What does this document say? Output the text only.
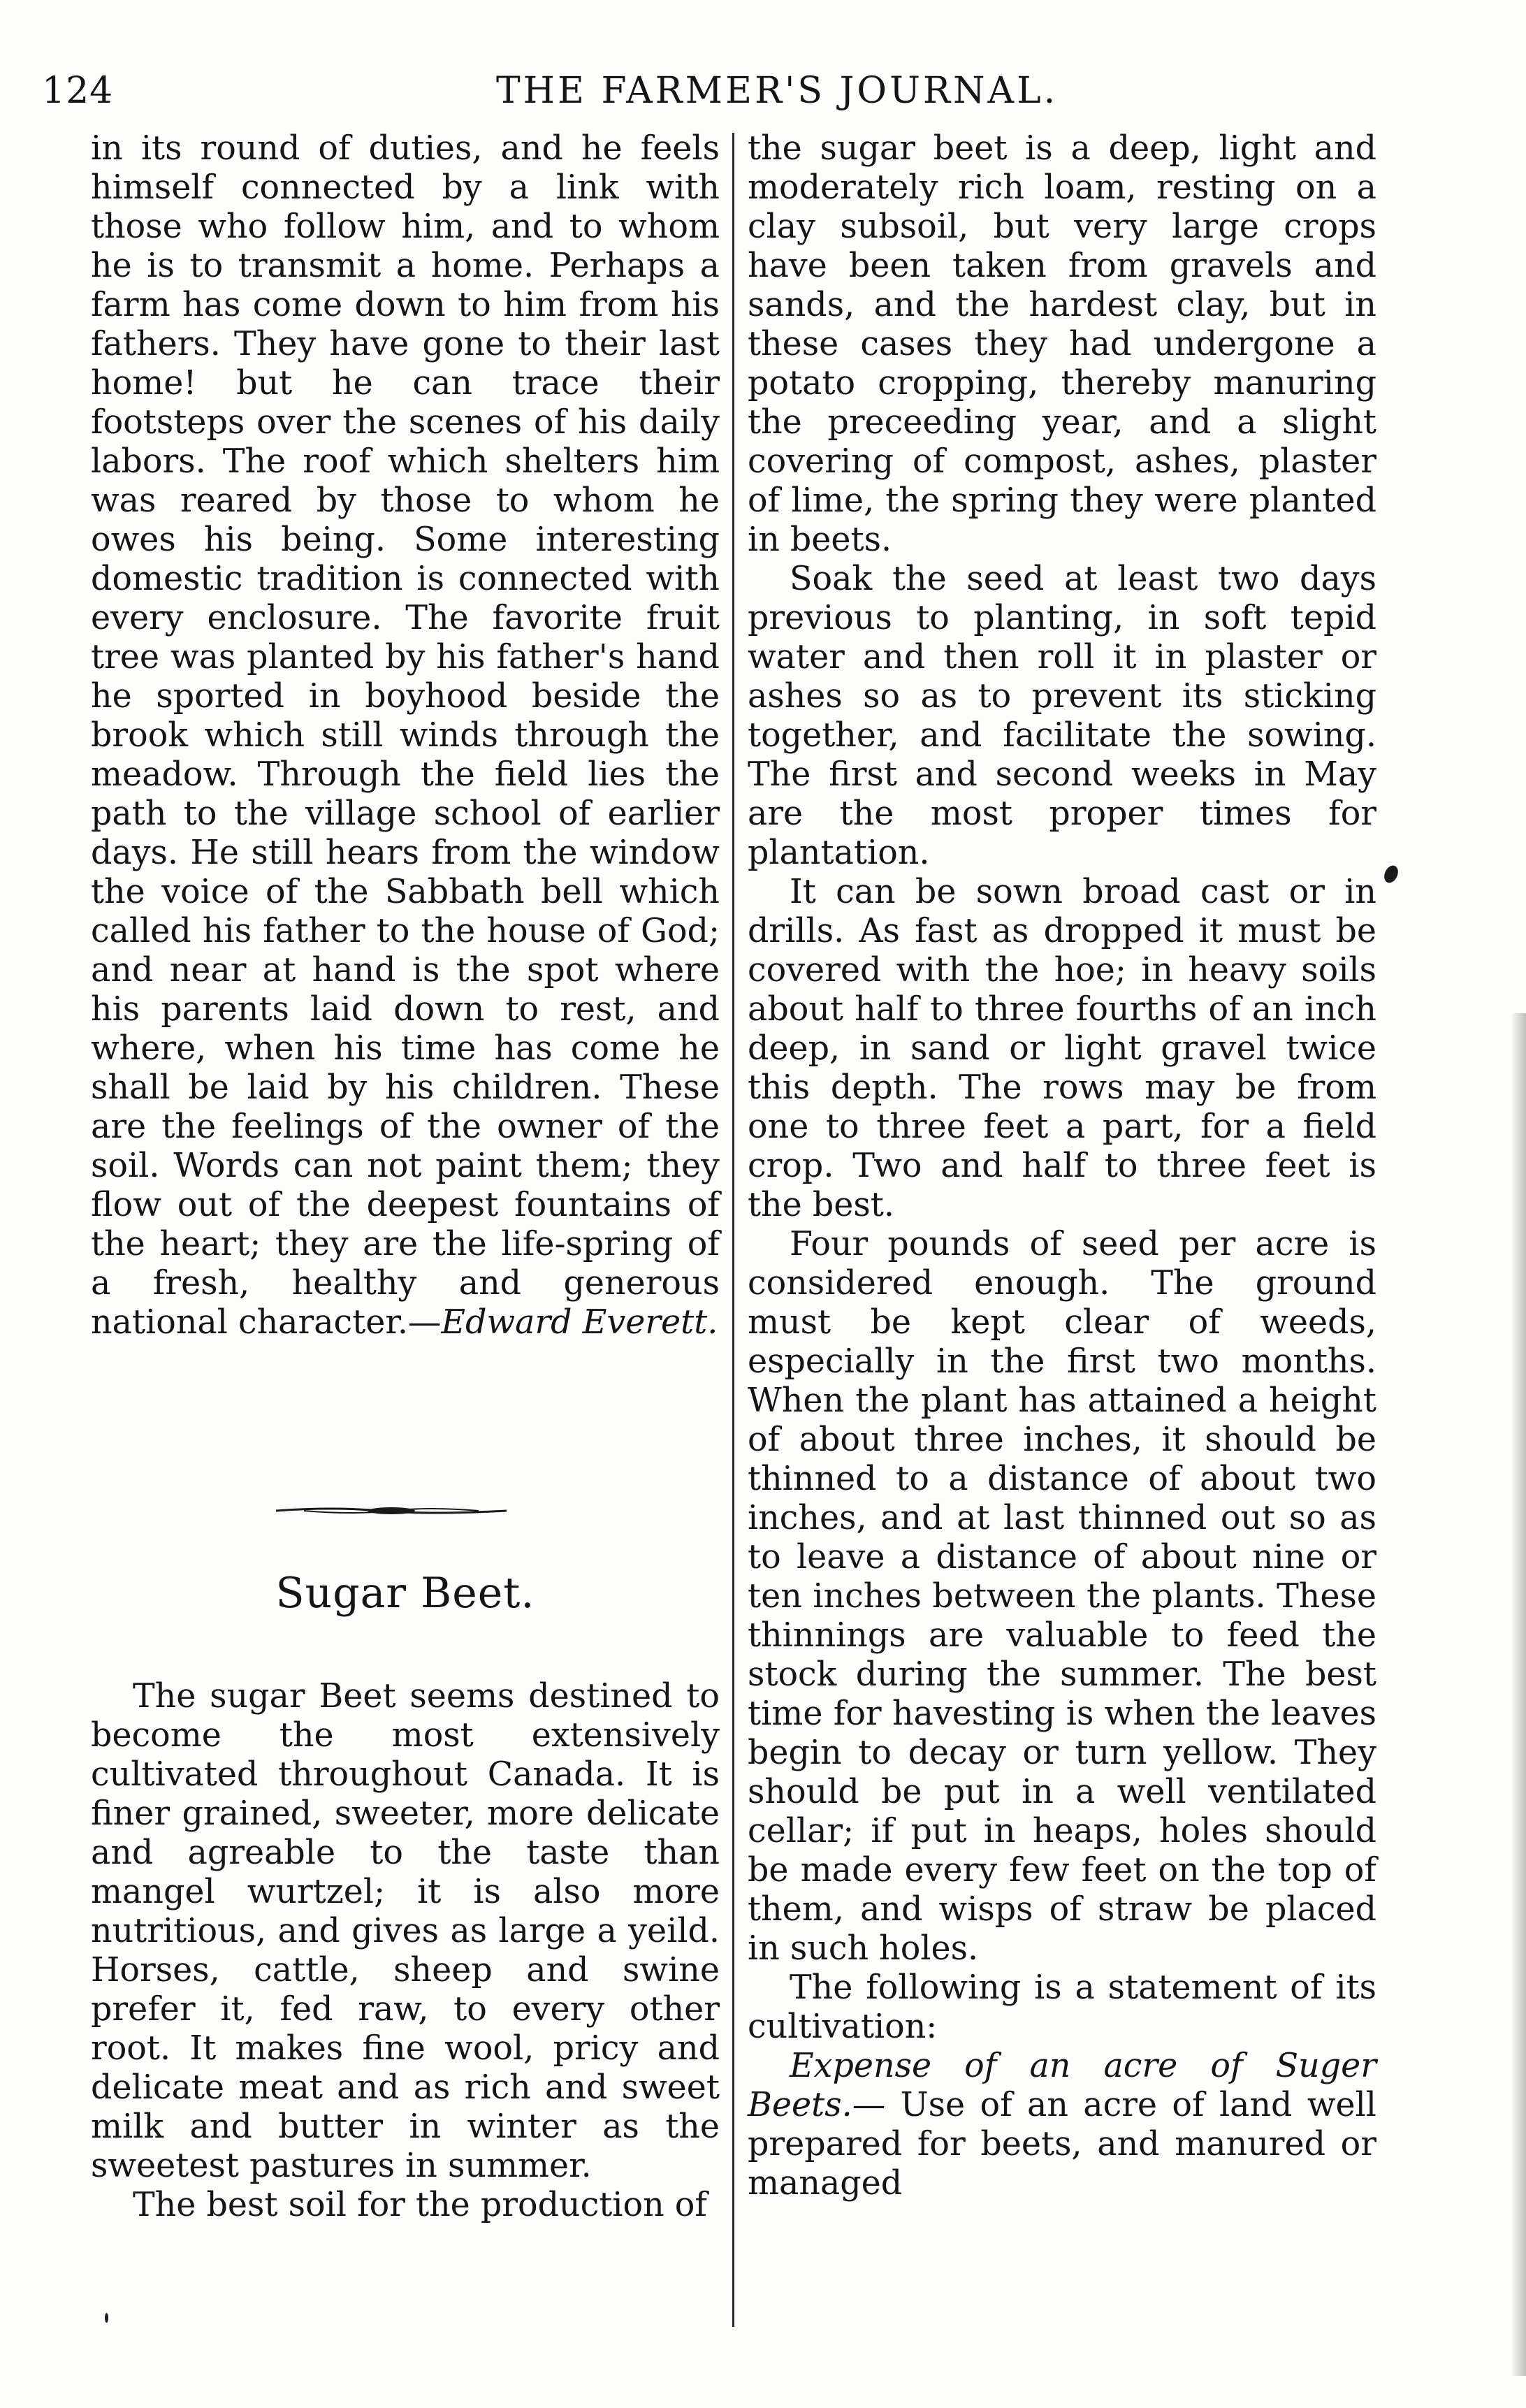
124	THE FARMER'S JOURNAL.

in its round of duties, and he feels himself connected by a link with those who follow him, and to whom he is to transmit a home. Perhaps a farm has come down to him from his fathers. They have gone to their last home! but he can trace their footsteps over the scenes of his daily labors. The roof which shelters him was reared by those to whom he owes his being. Some interesting domestic tradition is connected with every enclosure. The favorite fruit tree was planted by his father's hand he sported in boyhood beside the brook which still winds through the meadow. Through the field lies the path to the village school of earlier days. He still hears from the window the voice of the Sabbath bell which called his father to the house of God; and near at hand is the spot where his parents laid down to rest, and where, when his time has come he shall be laid by his children. These are the feelings of the owner of the soil. Words can not paint them; they flow out of the deepest fountains of the heart; they are the life-spring of a fresh, healthy and generous national character.—Edward Everett.

Sugar Beet.

The sugar Beet seems destined to become the most extensively cultivated throughout Canada. It is finer grained, sweeter, more delicate and agreable to the taste than mangel wurtzel; it is also more nutritious, and gives as large a yeild. Horses, cattle, sheep and swine prefer it, fed raw, to every other root. It makes fine wool, pricy and delicate meat and as rich and sweet milk and butter in winter as the sweetest pastures in summer.

The best soil for the production of

the sugar beet is a deep, light and moderately rich loam, resting on a clay subsoil, but very large crops have been taken from gravels and sands, and the hardest clay, but in these cases they had undergone a potato cropping, thereby manuring the preceeding year, and a slight covering of compost, ashes, plaster of lime, the spring they were planted in beets.

Soak the seed at least two days previous to planting, in soft tepid water and then roll it in plaster or ashes so as to prevent its sticking together, and facilitate the sowing. The first and second weeks in May are the most proper times for plantation.

It can be sown broad cast or in drills. As fast as dropped it must be covered with the hoe; in heavy soils about half to three fourths of an inch deep, in sand or light gravel twice this depth. The rows may be from one to three feet a part, for a field crop. Two and half to three feet is the best.

Four pounds of seed per acre is considered enough. The ground must be kept clear of weeds, especially in the first two months. When the plant has attained a height of about three inches, it should be thinned to a distance of about two inches, and at last thinned out so as to leave a distance of about nine or ten inches between the plants. These thinnings are valuable to feed the stock during the summer. The best time for havesting is when the leaves begin to decay or turn yellow. They should be put in a well ventilated cellar; if put in heaps, holes should be made every few feet on the top of them, and wisps of straw be placed in such holes.

The following is a statement of its cultivation:

Expense of an acre of Suger Beets.— Use of an acre of land well prepared for beets, and manured or managed
